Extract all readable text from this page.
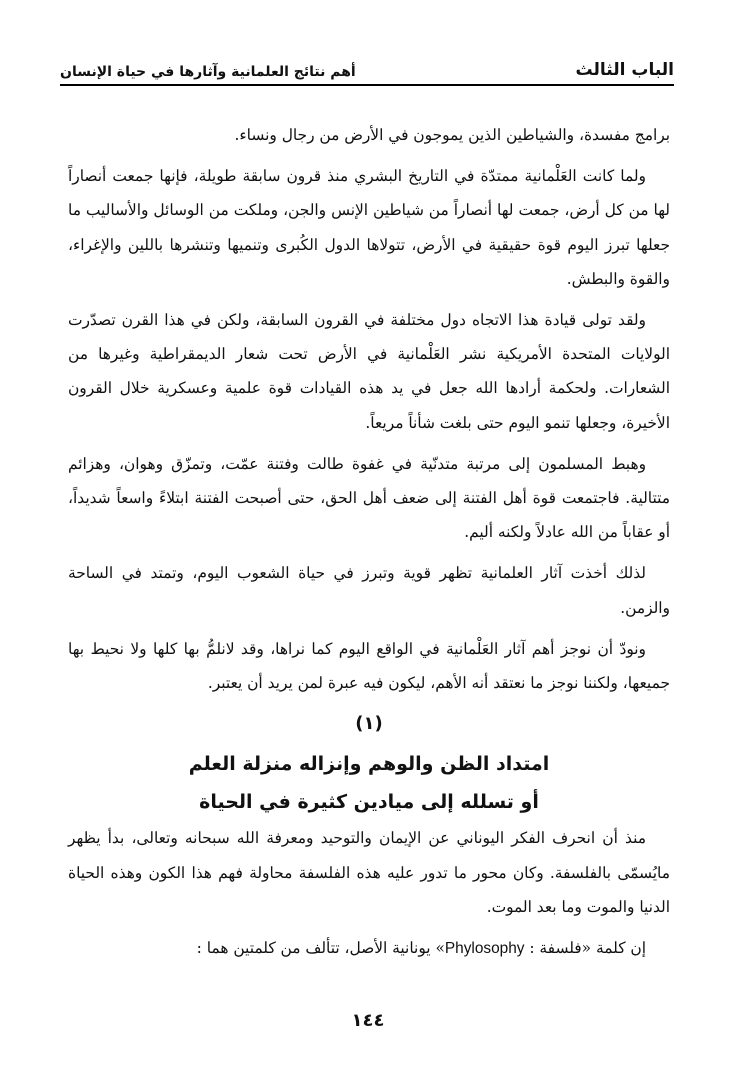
الباب الثالث
أهم نتائج العلمانية وآثارها في حياة الإنسان

برامج مفسدة، والشياطين الذين يموجون في الأرض من رجال ونساء.

ولما كانت العَلْمانية ممتدّة في التاريخ البشري منذ قرون سابقة طويلة، فإنها جمعت أنصاراً لها من كل أرض، جمعت لها أنصاراً من شياطين الإنس والجن، وملكت من الوسائل والأساليب ما جعلها تبرز اليوم قوة حقيقية في الأرض، تتولاها الدول الكُبرى وتنميها وتنشرها باللين والإغراء، والقوة والبطش.

ولقد تولى قيادة هذا الاتجاه دول مختلفة في القرون السابقة، ولكن في هذا القرن تصدّرت الولايات المتحدة الأمريكية نشر العَلْمانية في الأرض تحت شعار الديمقراطية وغيرها من الشعارات. ولحكمة أرادها الله جعل في يد هذه القيادات قوة علمية وعسكرية خلال القرون الأخيرة، وجعلها تنمو اليوم حتى بلغت شأناً مريعاً.

وهبط المسلمون إلى مرتبة متدنّية في غفوة طالت وفتنة عمّت، وتمزّق وهوان، وهزائم متتالية. فاجتمعت قوة أهل الفتنة إلى ضعف أهل الحق، حتى أصبحت الفتنة ابتلاءً واسعاً شديداً، أو عقاباً من الله عادلاً ولكنه أليم.

لذلك أخذت آثار العلمانية تظهر قوية وتبرز في حياة الشعوب اليوم، وتمتد في الساحة والزمن.

ونودّ أن نوجز أهم آثار العَلْمانية في الواقع اليوم كما نراها، وقد لانلمُّ بها كلها ولا نحيط بها جميعها، ولكننا نوجز ما نعتقد أنه الأهم، ليكون فيه عبرة لمن يريد أن يعتبر.

(١)
امتداد الظن والوهم وإنزاله منزلة العلم
أو تسلله إلى ميادين كثيرة في الحياة

منذ أن انحرف الفكر اليوناني عن الإيمان والتوحيد ومعرفة الله سبحانه وتعالى، بدأ يظهر مايُسمّى بالفلسفة. وكان محور ما تدور عليه هذه الفلسفة محاولة فهم هذا الكون وهذه الحياة الدنيا والموت وما بعد الموت.

إن كلمة «فلسفة : Phylosophy» يونانية الأصل، تتألف من كلمتين هما :

١٤٤
